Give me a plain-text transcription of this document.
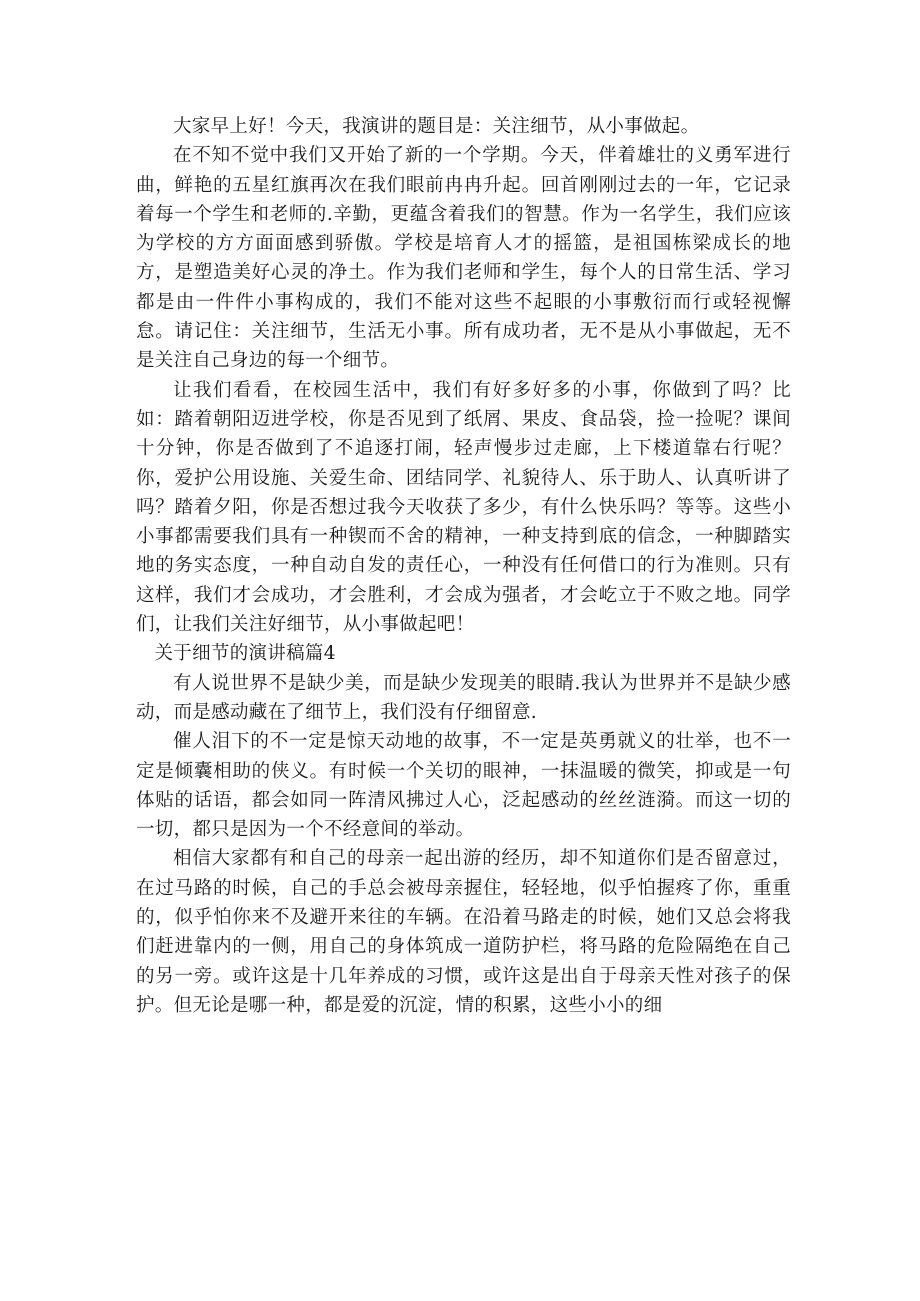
大家早上好！今天，我演讲的题目是：关注细节，从小事做起。

在不知不觉中我们又开始了新的一个学期。今天，伴着雄壮的义勇军进行曲，鲜艳的五星红旗再次在我们眼前冉冉升起。回首刚刚过去的一年，它记录着每一个学生和老师的.辛勤，更蕴含着我们的智慧。作为一名学生，我们应该为学校的方方面面感到骄傲。学校是培育人才的摇篮，是祖国栋梁成长的地方，是塑造美好心灵的净土。作为我们老师和学生，每个人的日常生活、学习都是由一件件小事构成的，我们不能对这些不起眼的小事敷衍而行或轻视懈怠。请记住：关注细节，生活无小事。所有成功者，无不是从小事做起，无不是关注自己身边的每一个细节。

让我们看看，在校园生活中，我们有好多好多的小事，你做到了吗？比如：踏着朝阳迈进学校，你是否见到了纸屑、果皮、食品袋，捡一捡呢？课间十分钟，你是否做到了不追逐打闹，轻声慢步过走廊，上下楼道靠右行呢？你，爱护公用设施、关爱生命、团结同学、礼貌待人、乐于助人、认真听讲了吗？踏着夕阳，你是否想过我今天收获了多少，有什么快乐吗？等等。这些小小事都需要我们具有一种锲而不舍的精神，一种支持到底的信念，一种脚踏实地的务实态度，一种自动自发的责任心，一种没有任何借口的行为准则。只有这样，我们才会成功，才会胜利，才会成为强者，才会屹立于不败之地。同学们，让我们关注好细节，从小事做起吧！

关于细节的演讲稿篇4

有人说世界不是缺少美，而是缺少发现美的眼睛.我认为世界并不是缺少感动，而是感动藏在了细节上，我们没有仔细留意.

催人泪下的不一定是惊天动地的故事，不一定是英勇就义的壮举，也不一定是倾囊相助的侠义。有时候一个关切的眼神，一抹温暖的微笑，抑或是一句体贴的话语，都会如同一阵清风拂过人心，泛起感动的丝丝涟漪。而这一切的一切，都只是因为一个不经意间的举动。

相信大家都有和自己的母亲一起出游的经历，却不知道你们是否留意过，在过马路的时候，自己的手总会被母亲握住，轻轻地，似乎怕握疼了你，重重的，似乎怕你来不及避开来往的车辆。在沿着马路走的时候，她们又总会将我们赶进靠内的一侧，用自己的身体筑成一道防护栏，将马路的危险隔绝在自己的另一旁。或许这是十几年养成的习惯，或许这是出自于母亲天性对孩子的保护。但无论是哪一种，都是爱的沉淀，情的积累，这些小小的细
